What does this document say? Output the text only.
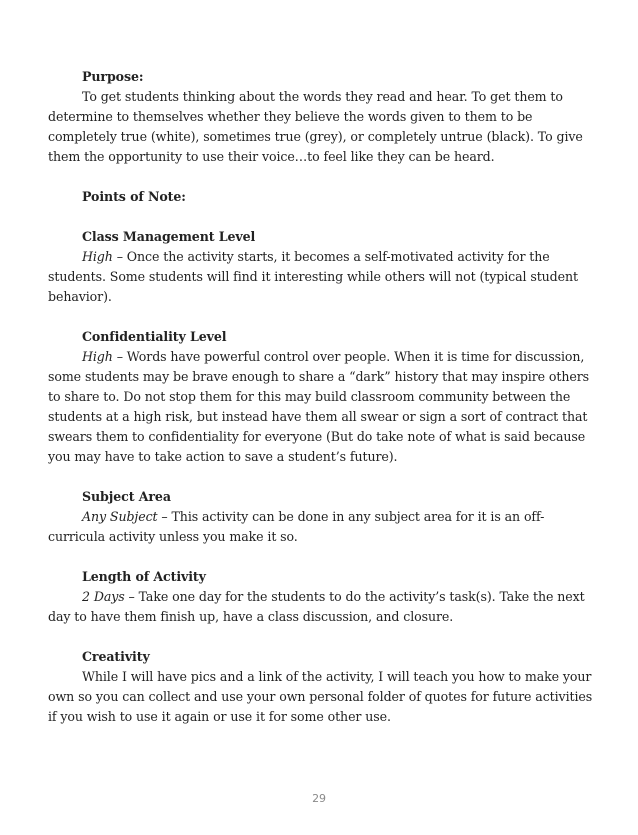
Purpose:
To get students thinking about the words they read and hear. To get them to determine to themselves whether they believe the words given to them to be completely true (white), sometimes true (grey), or completely untrue (black). To give them the opportunity to use their voice…to feel like they can be heard.
Points of Note:
Class Management Level
High – Once the activity starts, it becomes a self-motivated activity for the students. Some students will find it interesting while others will not (typical student behavior).
Confidentiality Level
High – Words have powerful control over people. When it is time for discussion, some students may be brave enough to share a “dark” history that may inspire others to share to. Do not stop them for this may build classroom community between the students at a high risk, but instead have them all swear or sign a sort of contract that swears them to confidentiality for everyone (But do take note of what is said because you may have to take action to save a student’s future).
Subject Area
Any Subject – This activity can be done in any subject area for it is an off-curricula activity unless you make it so.
Length of Activity
2 Days – Take one day for the students to do the activity’s task(s). Take the next day to have them finish up, have a class discussion, and closure.
Creativity
While I will have pics and a link of the activity, I will teach you how to make your own so you can collect and use your own personal folder of quotes for future activities if you wish to use it again or use it for some other use.
29
